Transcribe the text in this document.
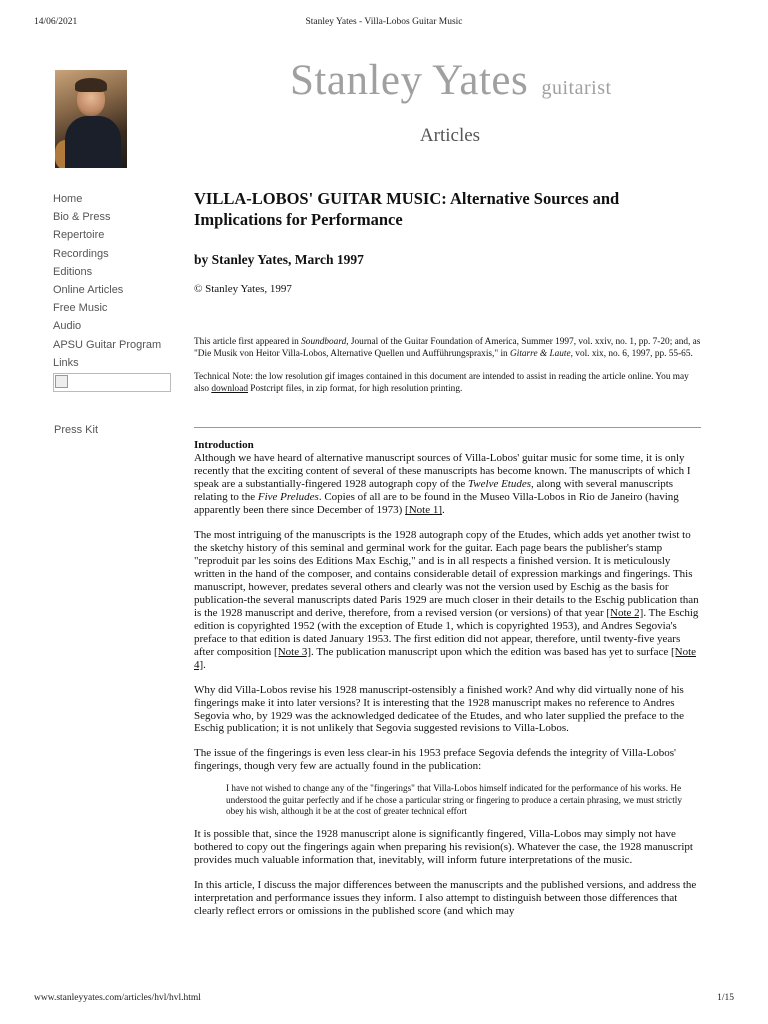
14/06/2021	Stanley Yates - Villa-Lobos Guitar Music
Stanley Yates guitarist
Articles
Home
Bio & Press
Repertoire
Recordings
Editions
Online Articles
Free Music
Audio
APSU Guitar Program
Links
Press Kit
VILLA-LOBOS' GUITAR MUSIC: Alternative Sources and Implications for Performance
by Stanley Yates, March 1997
© Stanley Yates, 1997

This article first appeared in Soundboard, Journal of the Guitar Foundation of America, Summer 1997, vol. xxiv, no. 1, pp. 7-20; and, as "Die Musik von Heitor Villa-Lobos, Alternative Quellen und Aufführungspraxis," in Gitarre & Laute, vol. xix, no. 6, 1997, pp. 55-65.

Technical Note: the low resolution gif images contained in this document are intended to assist in reading the article online. You may also download Postcript files, in zip format, for high resolution printing.

Introduction

Although we have heard of alternative manuscript sources of Villa-Lobos' guitar music for some time, it is only recently that the exciting content of several of these manuscripts has become known. The manuscripts of which I speak are a substantially-fingered 1928 autograph copy of the Twelve Etudes, along with several manuscripts relating to the Five Preludes. Copies of all are to be found in the Museo Villa-Lobos in Rio de Janeiro (having apparently been there since December of 1973) [Note 1].

The most intriguing of the manuscripts is the 1928 autograph copy of the Etudes, which adds yet another twist to the sketchy history of this seminal and germinal work for the guitar. Each page bears the publisher's stamp "reproduit par les soins des Editions Max Eschig," and is in all respects a finished version. It is meticulously written in the hand of the composer, and contains considerable detail of expression markings and fingerings. This manuscript, however, predates several others and clearly was not the version used by Eschig as the basis for publication-the several manuscripts dated Paris 1929 are much closer in their details to the Eschig publication than is the 1928 manuscript and derive, therefore, from a revised version (or versions) of that year [Note 2]. The Eschig edition is copyrighted 1952 (with the exception of Etude 1, which is copyrighted 1953), and Andres Segovia's preface to that edition is dated January 1953. The first edition did not appear, therefore, until twenty-five years after composition [Note 3]. The publication manuscript upon which the edition was based has yet to surface [Note 4].

Why did Villa-Lobos revise his 1928 manuscript-ostensibly a finished work? And why did virtually none of his fingerings make it into later versions? It is interesting that the 1928 manuscript makes no reference to Andres Segovia who, by 1929 was the acknowledged dedicatee of the Etudes, and who later supplied the preface to the Eschig publication; it is not unlikely that Segovia suggested revisions to Villa-Lobos.

The issue of the fingerings is even less clear-in his 1953 preface Segovia defends the integrity of Villa-Lobos' fingerings, though very few are actually found in the publication:

I have not wished to change any of the "fingerings" that Villa-Lobos himself indicated for the performance of his works. He understood the guitar perfectly and if he chose a particular string or fingering to produce a certain phrasing, we must strictly obey his wish, although it be at the cost of greater technical effort

It is possible that, since the 1928 manuscript alone is significantly fingered, Villa-Lobos may simply not have bothered to copy out the fingerings again when preparing his revision(s). Whatever the case, the 1928 manuscript provides much valuable information that, inevitably, will inform future interpretations of the music.

In this article, I discuss the major differences between the manuscripts and the published versions, and address the interpretation and performance issues they inform. I also attempt to distinguish between those differences that clearly reflect errors or omissions in the published score (and which may

www.stanleyyates.com/articles/hvl/hvl.html	1/15
